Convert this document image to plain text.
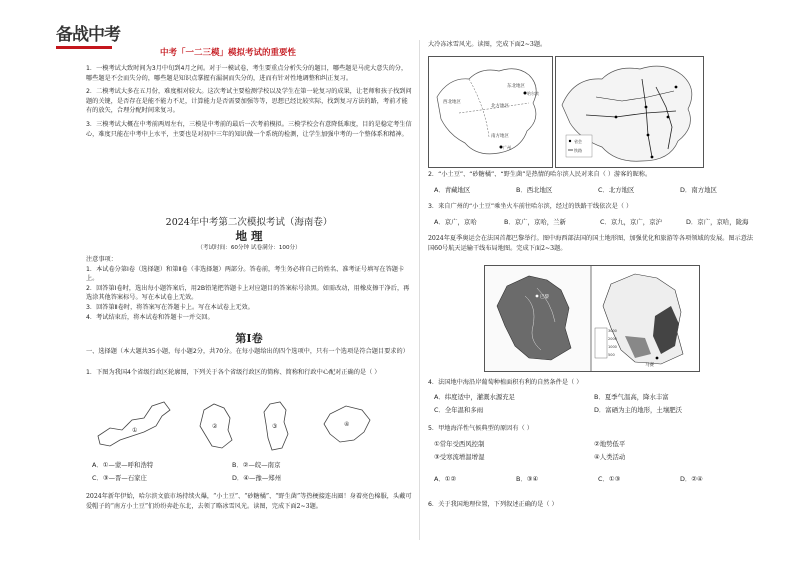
备战中考
中考「一二三模」模拟考试的重要性
1．一模考试大致时间为3月中旬到4月之间。对于一模试卷，考生要重点分析失分的题目，哪些题是马虎大意失的分，哪些题是不会而失分的，哪些题是知识点掌握有漏洞而失分的，进而有针对性地调整和纠正复习。
2．二模考试大多在五月份，难度相对较大。这次考试主要检测学校以及学生在第一轮复习的成果，让老师和孩子找到问题的关键，是否存在是能不能力不足，计算能力是否需要加强等等，思想已经比较实际，找到复习方法的路，考前才能有的放矢，合理分配时间来复习。
3．三模考试大概在中考前两周左右，三模是中考前的最后一次考前模拟。三模学校会有意降低难度，目的是稳定考生信心，难度只能在中考中上水平，主要也是对初中三年的知识做一个系统的检测，让学生加强中考的一个整体系和精神。
2024年中考第二次模拟考试（海南卷）
地 理
（考试时间：60分钟 试卷满分：100分）
注意事项：
1．本试卷分第Ⅰ卷（选择题）和第Ⅱ卷（非选择题）两部分。答卷前，考生务必将自己的姓名、准考证号填写在答题卡上。
2．回答第Ⅰ卷时，选出每小题答案后，用2B铅笔把答题卡上对应题目的答案标号涂黑。如需改动，用橡皮擦干净后，再选涂其他答案标号。写在本试卷上无效。
3．回答第Ⅱ卷时，将答案写在答题卡上。写在本试卷上无效。
4．考试结束后，将本试卷和答题卡一并交回。
第Ⅰ卷
一、选择题（本大题共35小题，每小题2分，共70分。在每小题给出的四个选项中，只有一个选项是符合题目要求的）
1．下图为我国4个省级行政区轮廓图，下列关于各个省级行政区的简称、简称和行政中心配对正确的是（ ）
①
②	③	④
A．①—蒙—呼和浩特	B．②—皖—南京
C．③—晋—石家庄	D．④—豫—郑州
2024年新年伊始，哈尔滨文旅市场持续火爆，“小土豆”、“砂糖橘”、“野生菌”等热梗接连出圈！身着亮色棉服，头戴可爱帽子的“南方小土豆”们纷纷奔赴东北，去领了略冰雪风光。读图，完成下面2~3题。
大冷冻冰雪风光。读图，完成下面2~3题。
东北地区
西北地区
北方地区
南方地区
哈尔滨
广州
省会
铁路
2．“小土豆”、“砂糖橘”、“野生菌”是热情的哈尔滨人民对来自（ ）游客的昵称。
A．青藏地区	B．西北地区	C．北方地区	D．南方地区
3．来自广州的“小土豆”乘坐火车前往哈尔滨，经过的铁路干线依次是（ ）
A．京广，京哈	B．京广，京哈，兰新	C．京九，京广，京沪	D．京广，京哈，陇海
2024年夏季奥运会在法国首都巴黎举行。图中海西部法国的国土地形图，加强优化和旅游等各项领域的发展。图示意法国60号航天运输干线布局地图。完成下面2~3题。
巴黎
马赛
3000
2000
1000
500
4．法国地中海沿岸葡萄种植面积有利的自然条件是（ ）
A．纬度适中，灌溉水源充足	B．夏季气温高，降水丰富
C．全年温和多雨	D．富硒为主的地形，土壤肥沃
5．甲地海洋性气候典型的原因有（ ）
①常年受西风控制	②地势低平
③受寒流增温增湿	④人类活动
A．①②	B．③④	C．①③	D．②④
6．关于我国地理位置，下列叙述正确的是（ ）
